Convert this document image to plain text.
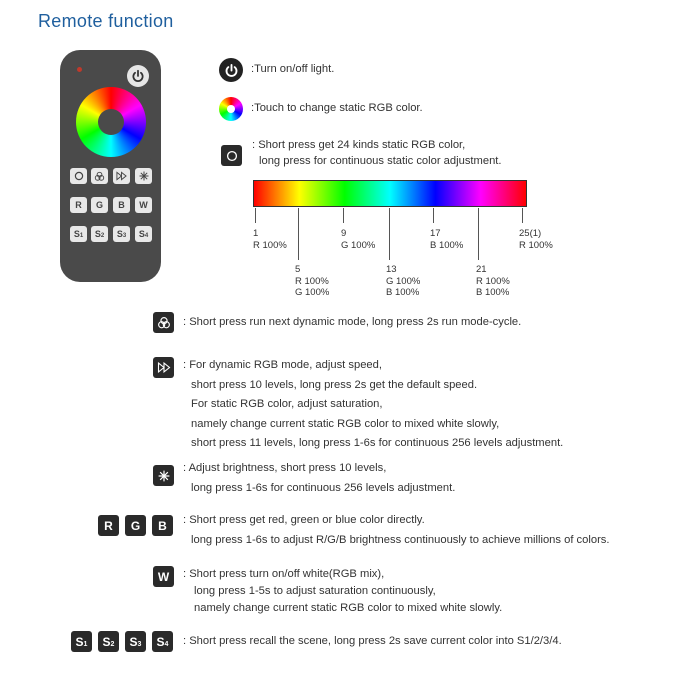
Remote function
R	G	B	W
$S_1$ $S_2$ $S_3$ $S_4$
:Turn on/off light.
:Touch to change static RGB color.
: Short press get 24 kinds static RGB color,
long press for continuous static color adjustment.
1
R 100%
5
R 100%
G 100%
9
G 100%
13
G 100%
B 100%
17
B 100%
21
R 100%
B 100%
25(1)
R 100%
: Short press run next dynamic mode, long press 2s run mode-cycle.
: For dynamic RGB mode, adjust speed,
short press 10 levels, long press 2s get the default speed.
For static RGB color, adjust saturation,
namely change current static RGB color to mixed white slowly,
short press 11 levels, long press 1-6s for continuous 256 levels adjustment.
: Adjust brightness, short press 10 levels,
long press 1-6s for continuous 256 levels adjustment.
R	G	B	: Short press get red, green or blue color directly.
long press 1-6s to adjust R/G/B brightness continuously to achieve millions of colors.
W	: Short press turn on/off white(RGB mix),
long press 1-5s to adjust saturation continuously,
namely change current static RGB color to mixed white slowly.
$S_1$ $S_2$ $S_3$ $S_4$ : Short press recall the scene, long press 2s save current color into S1/2/3/4.
